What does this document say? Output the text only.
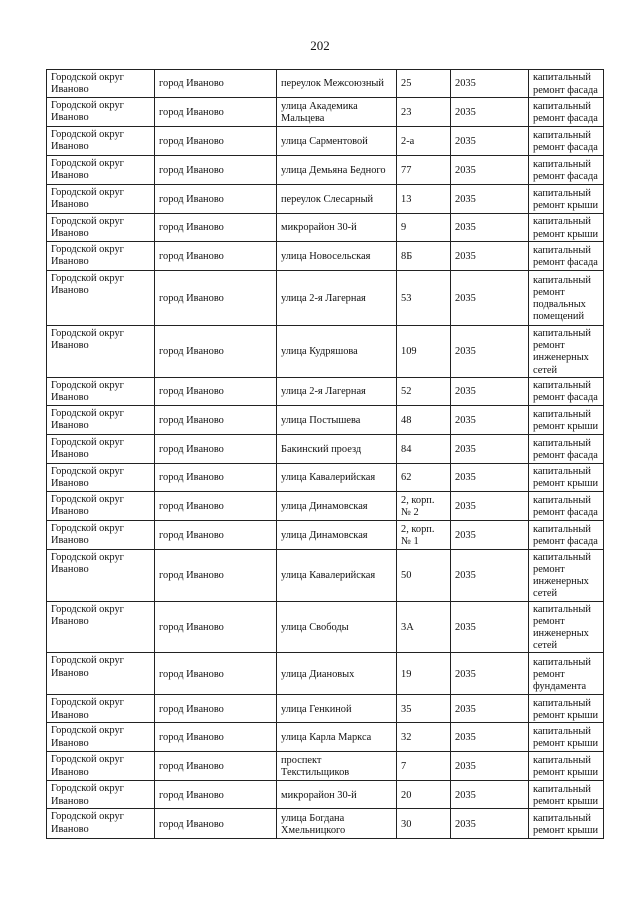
202
Городской округ Иваново	город Иваново	переулок Межсоюзный	25	2035	капитальный ремонт фасада
Городской округ Иваново	город Иваново	улица Академика Мальцева	23	2035	капитальный ремонт фасада
Городской округ Иваново	город Иваново	улица Сарментовой	2-а	2035	капитальный ремонт фасада
Городской округ Иваново	город Иваново	улица Демьяна Бедного	77	2035	капитальный ремонт фасада
Городской округ Иваново	город Иваново	переулок Слесарный	13	2035	капитальный ремонт крыши
Городской округ Иваново	город Иваново	микрорайон 30-й	9	2035	капитальный ремонт крыши
Городской округ Иваново	город Иваново	улица Новосельская	8Б	2035	капитальный ремонт фасада
Городской округ Иваново	город Иваново	улица 2-я Лагерная	53	2035	капитальный ремонт подвальных помещений
Городской округ Иваново	город Иваново	улица Кудряшова	109	2035	капитальный ремонт инженерных сетей
Городской округ Иваново	город Иваново	улица 2-я Лагерная	52	2035	капитальный ремонт фасада
Городской округ Иваново	город Иваново	улица Постышева	48	2035	капитальный ремонт крыши
Городской округ Иваново	город Иваново	Бакинский проезд	84	2035	капитальный ремонт фасада
Городской округ Иваново	город Иваново	улица Кавалерийская	62	2035	капитальный ремонт крыши
Городской округ Иваново	город Иваново	улица Динамовская	2, корп. № 2	2035	капитальный ремонт фасада
Городской округ Иваново	город Иваново	улица Динамовская	2, корп. № 1	2035	капитальный ремонт фасада
Городской округ Иваново	город Иваново	улица Кавалерийская	50	2035	капитальный ремонт инженерных сетей
Городской округ Иваново	город Иваново	улица Свободы	3А	2035	капитальный ремонт инженерных сетей
Городской округ Иваново	город Иваново	улица Диановых	19	2035	капитальный ремонт фундамента
Городской округ Иваново	город Иваново	улица Генкиной	35	2035	капитальный ремонт крыши
Городской округ Иваново	город Иваново	улица Карла Маркса	32	2035	капитальный ремонт крыши
Городской округ Иваново	город Иваново	проспект Текстильщиков	7	2035	капитальный ремонт крыши
Городской округ Иваново	город Иваново	микрорайон 30-й	20	2035	капитальный ремонт крыши
Городской округ Иваново	город Иваново	улица Богдана Хмельницкого	30	2035	капитальный ремонт крыши
